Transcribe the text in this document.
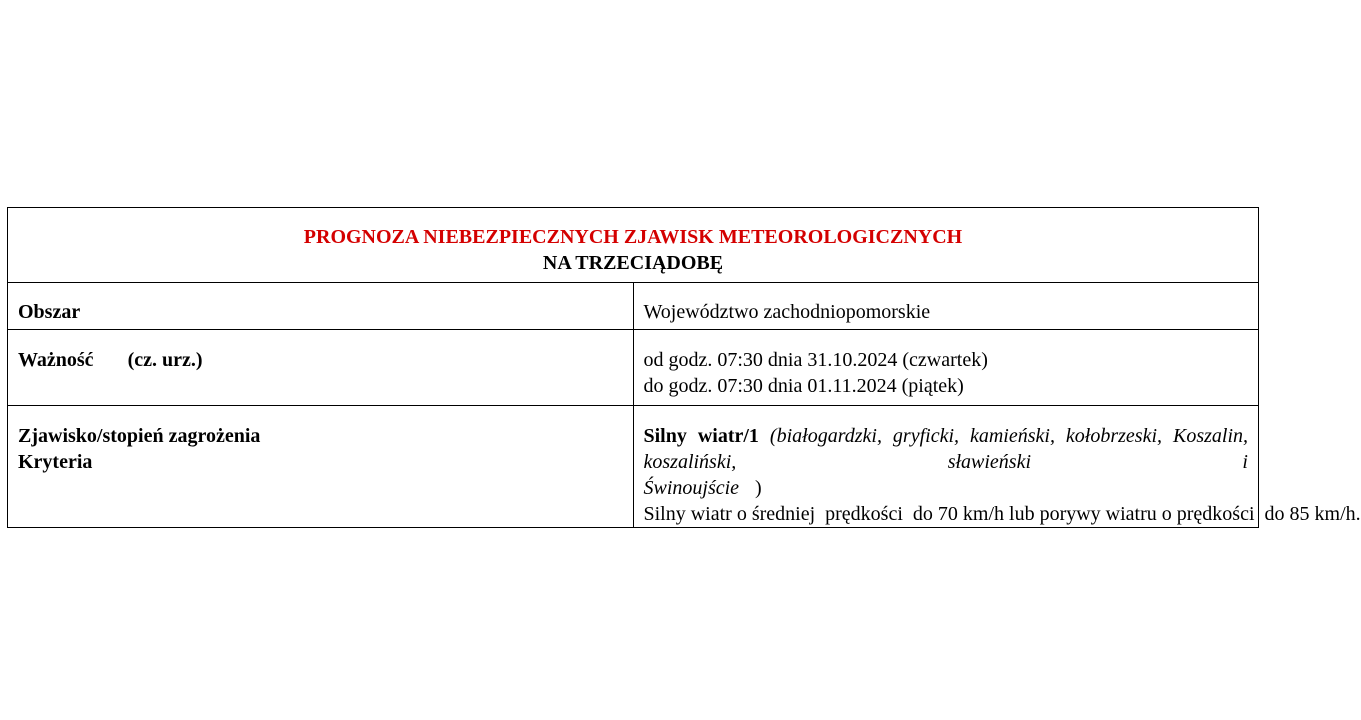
PROGNOZA NIEBEZPIECZNYCH ZJAWISK METEOROLOGICZNYCH
NA TRZECIĄDOBĘ	

Obszar	Województwo zachodniopomorskie

Ważność (cz. urz.)	od godz. 07:30 dnia 31.10.2024 (czwartek)
do godz. 07:30 dnia 01.11.2024 (piątek)

Zjawisko/stopień zagrożenia
Kryteria	Silny wiatr/1 (białogardzki, gryficki, kamieński, kołobrzeski, Koszalin, koszaliński, sławieński i
Świnoujście )
Silny wiatr o średniej  prędkości  do 70 km/h lub porywy wiatru o prędkości  do 85 km/h.
